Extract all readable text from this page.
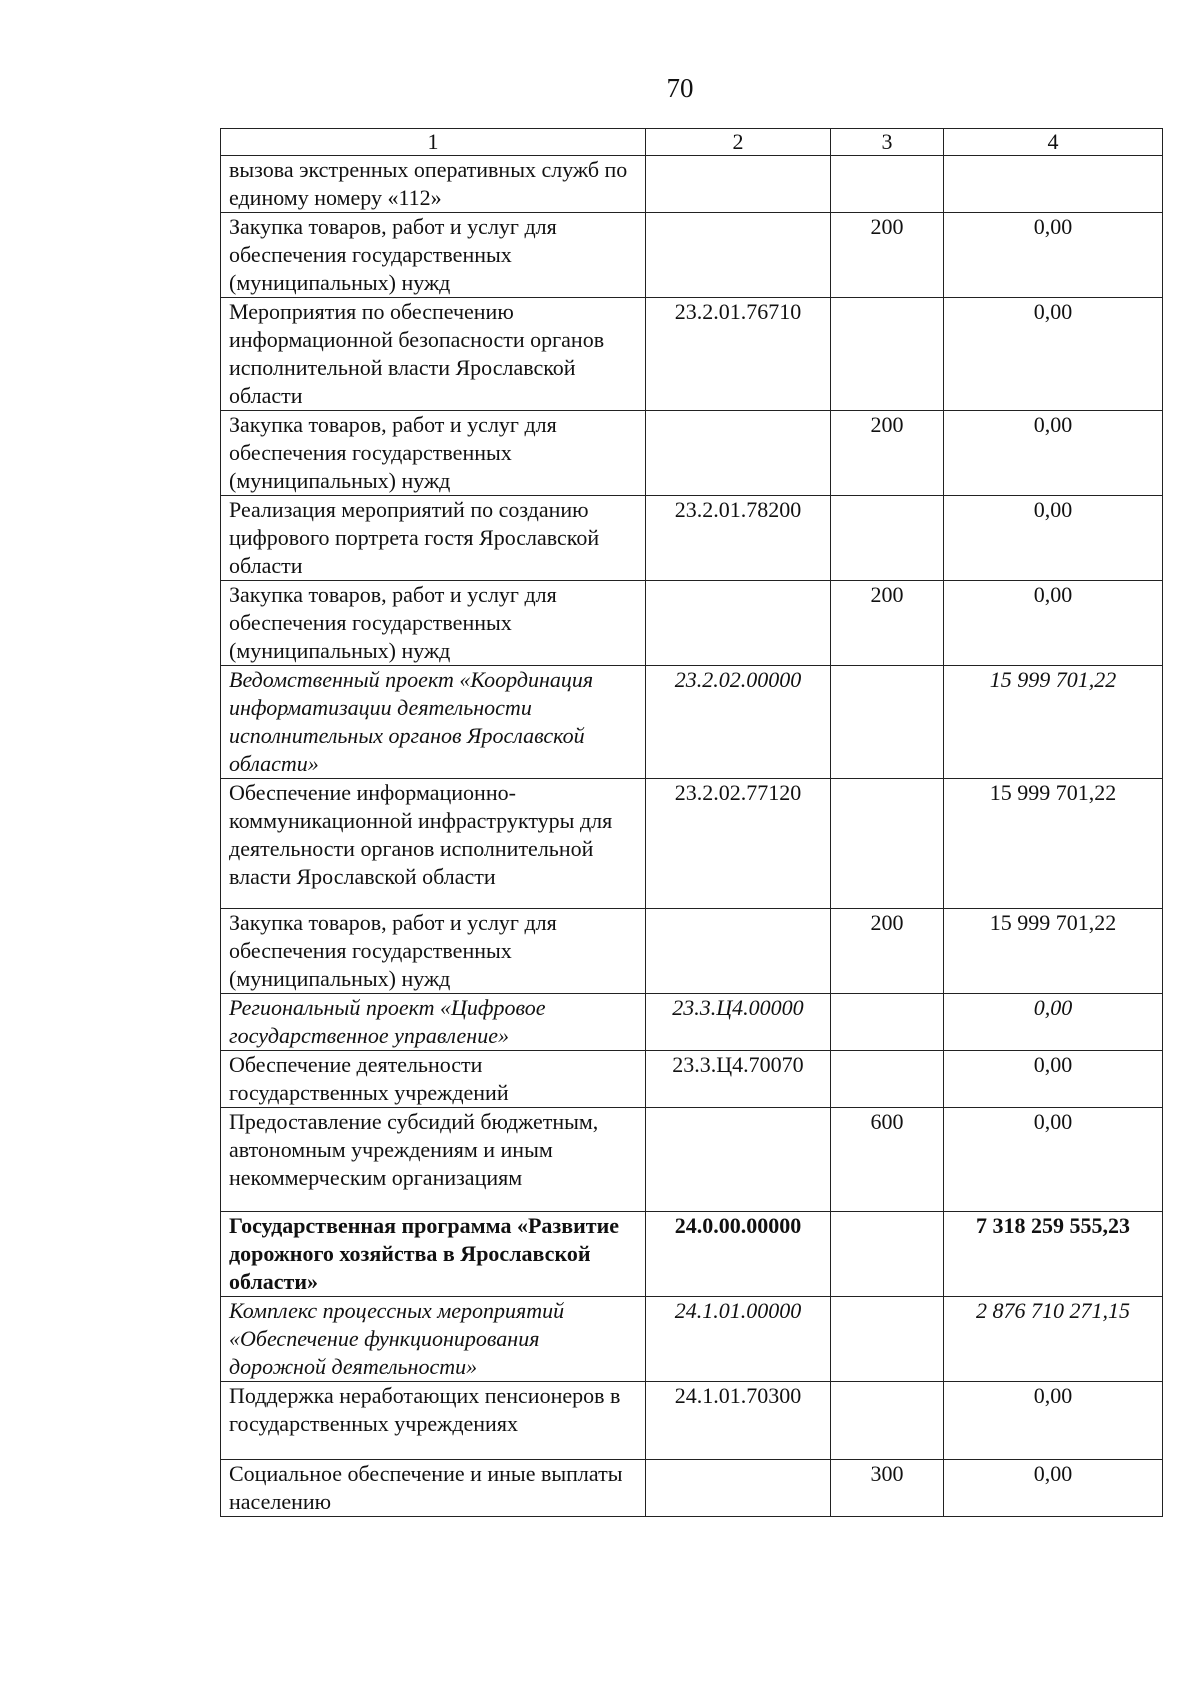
70
1	2	3	4
вызова экстренных оперативных служб по единому номеру «112»			
Закупка товаров, работ и услуг для обеспечения государственных (муниципальных) нужд		200	0,00
Мероприятия по обеспечению информационной безопасности органов исполнительной власти Ярославской области	23.2.01.76710		0,00
Закупка товаров, работ и услуг для обеспечения государственных (муниципальных) нужд		200	0,00
Реализация мероприятий по созданию цифрового портрета гостя Ярославской области	23.2.01.78200		0,00
Закупка товаров, работ и услуг для обеспечения государственных (муниципальных) нужд		200	0,00
Ведомственный проект «Координация информатизации деятельности исполнительных органов Ярославской области»	23.2.02.00000		15 999 701,22
Обеспечение информационно-коммуникационной инфраструктуры для деятельности органов исполнительной власти Ярославской области	23.2.02.77120		15 999 701,22
Закупка товаров, работ и услуг для обеспечения государственных (муниципальных) нужд		200	15 999 701,22
Региональный проект «Цифровое государственное управление»	23.3.Ц4.00000		0,00
Обеспечение деятельности государственных учреждений	23.3.Ц4.70070		0,00
Предоставление субсидий бюджетным, автономным учреждениям и иным некоммерческим организациям		600	0,00
Государственная программа «Развитие дорожного хозяйства в Ярославской области»	24.0.00.00000		7 318 259 555,23
Комплекс процессных мероприятий «Обеспечение функционирования дорожной деятельности»	24.1.01.00000		2 876 710 271,15
Поддержка неработающих пенсионеров в государственных учреждениях	24.1.01.70300		0,00
Социальное обеспечение и иные выплаты населению		300	0,00
